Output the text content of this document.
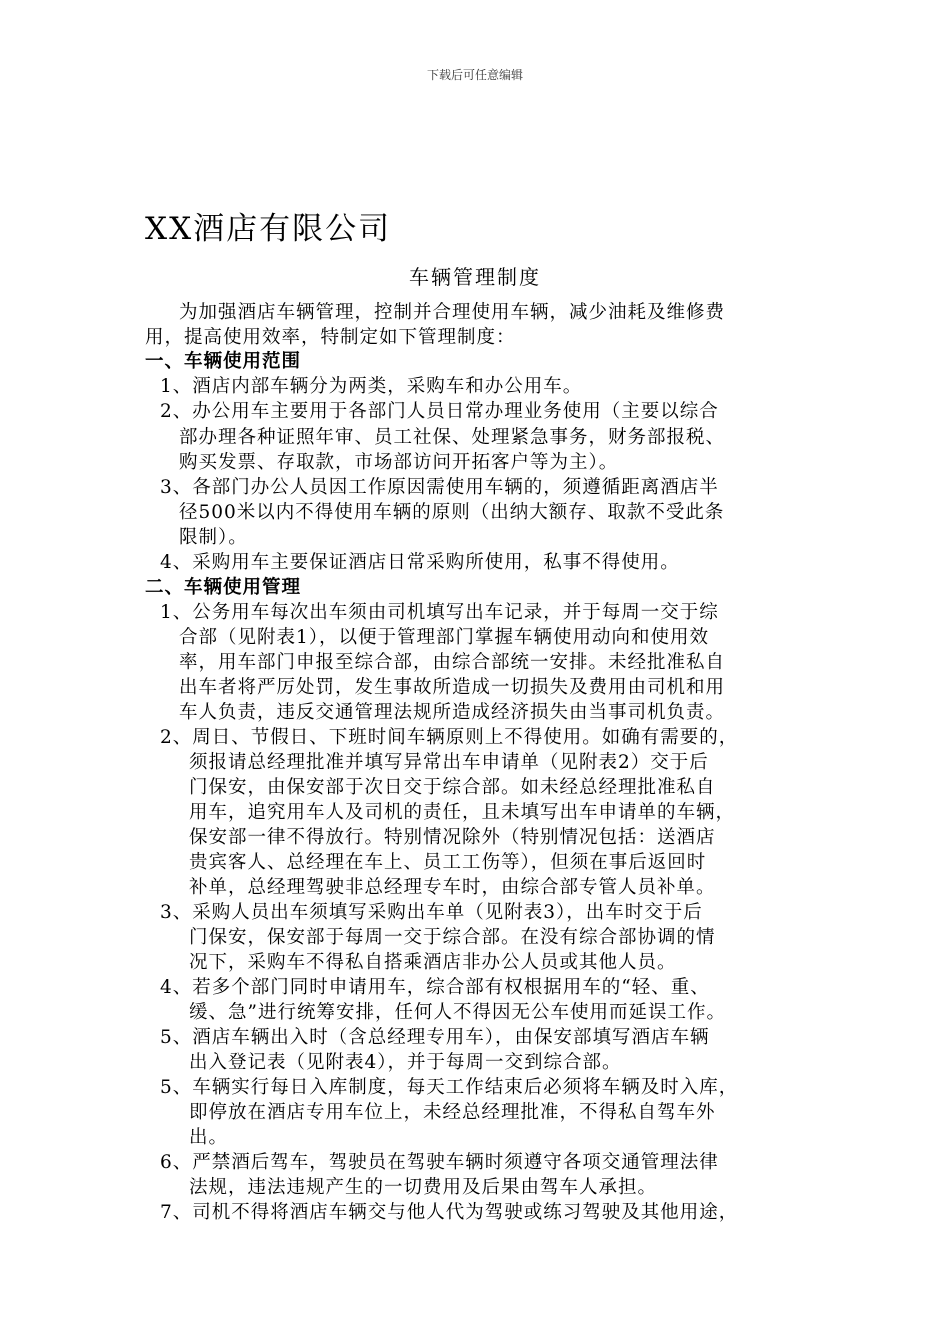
下载后可任意编辑
XX酒店有限公司
车辆管理制度
为加强酒店车辆管理，控制并合理使用车辆，减少油耗及维修费
用，提高使用效率，特制定如下管理制度：
一、车辆使用范围
1、酒店内部车辆分为两类，采购车和办公用车。
2、办公用车主要用于各部门人员日常办理业务使用（主要以综合
部办理各种证照年审、员工社保、处理紧急事务，财务部报税、
购买发票、存取款，市场部访问开拓客户等为主）。
3、各部门办公人员因工作原因需使用车辆的，须遵循距离酒店半
径500米以内不得使用车辆的原则（出纳大额存、取款不受此条
限制）。
4、采购用车主要保证酒店日常采购所使用，私事不得使用。
二、车辆使用管理
1、公务用车每次出车须由司机填写出车记录，并于每周一交于综
合部（见附表1），以便于管理部门掌握车辆使用动向和使用效
率，用车部门申报至综合部，由综合部统一安排。未经批准私自
出车者将严厉处罚，发生事故所造成一切损失及费用由司机和用
车人负责，违反交通管理法规所造成经济损失由当事司机负责。
2、周日、节假日、下班时间车辆原则上不得使用。如确有需要的，
须报请总经理批准并填写异常出车申请单（见附表2）交于后
门保安，由保安部于次日交于综合部。如未经总经理批准私自
用车，追究用车人及司机的责任，且未填写出车申请单的车辆，
保安部一律不得放行。特别情况除外（特别情况包括：送酒店
贵宾客人、总经理在车上、员工工伤等），但须在事后返回时
补单，总经理驾驶非总经理专车时，由综合部专管人员补单。
3、采购人员出车须填写采购出车单（见附表3），出车时交于后
门保安，保安部于每周一交于综合部。在没有综合部协调的情
况下，采购车不得私自搭乘酒店非办公人员或其他人员。
4、若多个部门同时申请用车，综合部有权根据用车的“轻、重、
缓、急”进行统筹安排，任何人不得因无公车使用而延误工作。
5、酒店车辆出入时（含总经理专用车），由保安部填写酒店车辆
出入登记表（见附表4），并于每周一交到综合部。
5、车辆实行每日入库制度，每天工作结束后必须将车辆及时入库，
即停放在酒店专用车位上，未经总经理批准，不得私自驾车外
出。
6、严禁酒后驾车，驾驶员在驾驶车辆时须遵守各项交通管理法律
法规，违法违规产生的一切费用及后果由驾车人承担。
7、司机不得将酒店车辆交与他人代为驾驶或练习驾驶及其他用途，
